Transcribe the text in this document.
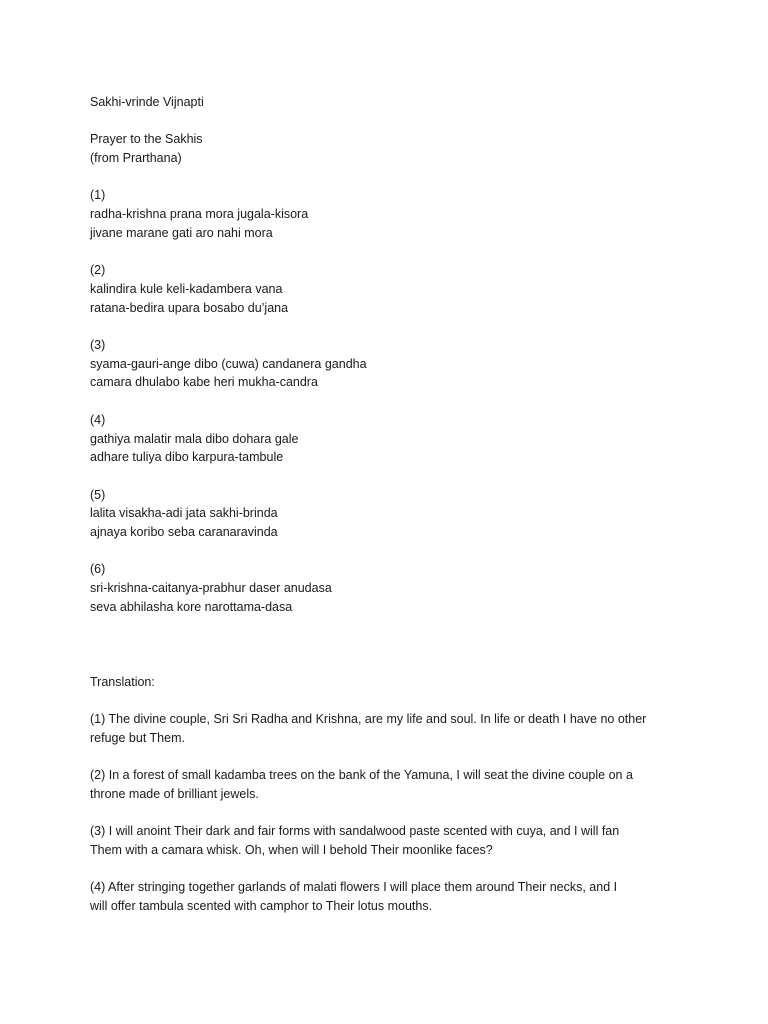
Sakhi-vrinde Vijnapti

Prayer to the Sakhis

(from Prarthana)

(1)

radha-krishna prana mora jugala-kisora

jivane marane gati aro nahi mora

(2)

kalindira kule keli-kadambera vana

ratana-bedira upara bosabo du’jana

(3)

syama-gauri-ange dibo (cuwa) candanera gandha

camara dhulabo kabe heri mukha-candra

(4)

gathiya malatir mala dibo dohara gale

adhare tuliya dibo karpura-tambule

(5)

lalita visakha-adi jata sakhi-brinda

ajnaya koribo seba caranaravinda

(6)

sri-krishna-caitanya-prabhur daser anudasa

seva abhilasha kore narottama-dasa

Translation:

(1) The divine couple, Sri Sri Radha and Krishna, are my life and soul. In life or death I have no other

refuge but Them.

(2) In a forest of small kadamba trees on the bank of the Yamuna, I will seat the divine couple on a

throne made of brilliant jewels.

(3) I will anoint Their dark and fair forms with sandalwood paste scented with cuya, and I will fan

Them with a camara whisk. Oh, when will I behold Their moonlike faces?

(4) After stringing together garlands of malati flowers I will place them around Their necks, and I

will offer tambula scented with camphor to Their lotus mouths.
